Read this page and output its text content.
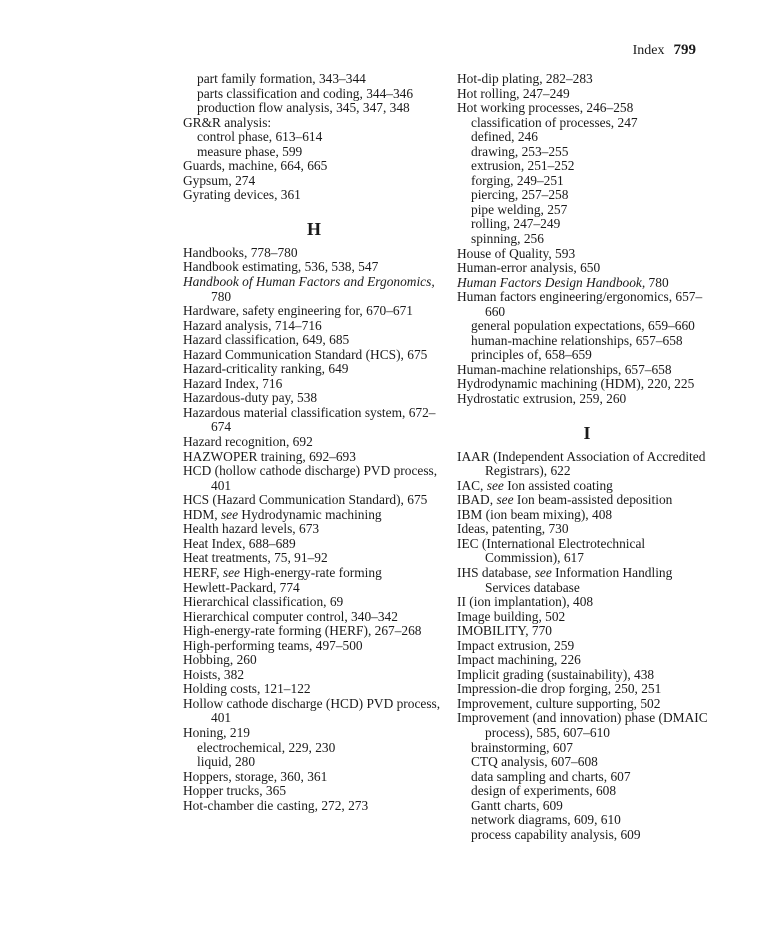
Index 799
part family formation, 343–344
parts classification and coding, 344–346
production flow analysis, 345, 347, 348
GR&R analysis:
control phase, 613–614
measure phase, 599
Guards, machine, 664, 665
Gypsum, 274
Gyrating devices, 361
H
Handbooks, 778–780
Handbook estimating, 536, 538, 547
Handbook of Human Factors and Ergonomics, 780
Hardware, safety engineering for, 670–671
Hazard analysis, 714–716
Hazard classification, 649, 685
Hazard Communication Standard (HCS), 675
Hazard-criticality ranking, 649
Hazard Index, 716
Hazardous-duty pay, 538
Hazardous material classification system, 672–674
Hazard recognition, 692
HAZWOPER training, 692–693
HCD (hollow cathode discharge) PVD process, 401
HCS (Hazard Communication Standard), 675
HDM, see Hydrodynamic machining
Health hazard levels, 673
Heat Index, 688–689
Heat treatments, 75, 91–92
HERF, see High-energy-rate forming
Hewlett-Packard, 774
Hierarchical classification, 69
Hierarchical computer control, 340–342
High-energy-rate forming (HERF), 267–268
High-performing teams, 497–500
Hobbing, 260
Hoists, 382
Holding costs, 121–122
Hollow cathode discharge (HCD) PVD process, 401
Honing, 219
electrochemical, 229, 230
liquid, 280
Hoppers, storage, 360, 361
Hopper trucks, 365
Hot-chamber die casting, 272, 273
Hot-dip plating, 282–283
Hot rolling, 247–249
Hot working processes, 246–258
classification of processes, 247
defined, 246
drawing, 253–255
extrusion, 251–252
forging, 249–251
piercing, 257–258
pipe welding, 257
rolling, 247–249
spinning, 256
House of Quality, 593
Human-error analysis, 650
Human Factors Design Handbook, 780
Human factors engineering/ergonomics, 657–660
general population expectations, 659–660
human-machine relationships, 657–658
principles of, 658–659
Human-machine relationships, 657–658
Hydrodynamic machining (HDM), 220, 225
Hydrostatic extrusion, 259, 260
I
IAAR (Independent Association of Accredited Registrars), 622
IAC, see Ion assisted coating
IBAD, see Ion beam-assisted deposition
IBM (ion beam mixing), 408
Ideas, patenting, 730
IEC (International Electrotechnical Commission), 617
IHS database, see Information Handling Services database
II (ion implantation), 408
Image building, 502
IMOBILITY, 770
Impact extrusion, 259
Impact machining, 226
Implicit grading (sustainability), 438
Impression-die drop forging, 250, 251
Improvement, culture supporting, 502
Improvement (and innovation) phase (DMAIC process), 585, 607–610
brainstorming, 607
CTQ analysis, 607–608
data sampling and charts, 607
design of experiments, 608
Gantt charts, 609
network diagrams, 609, 610
process capability analysis, 609
